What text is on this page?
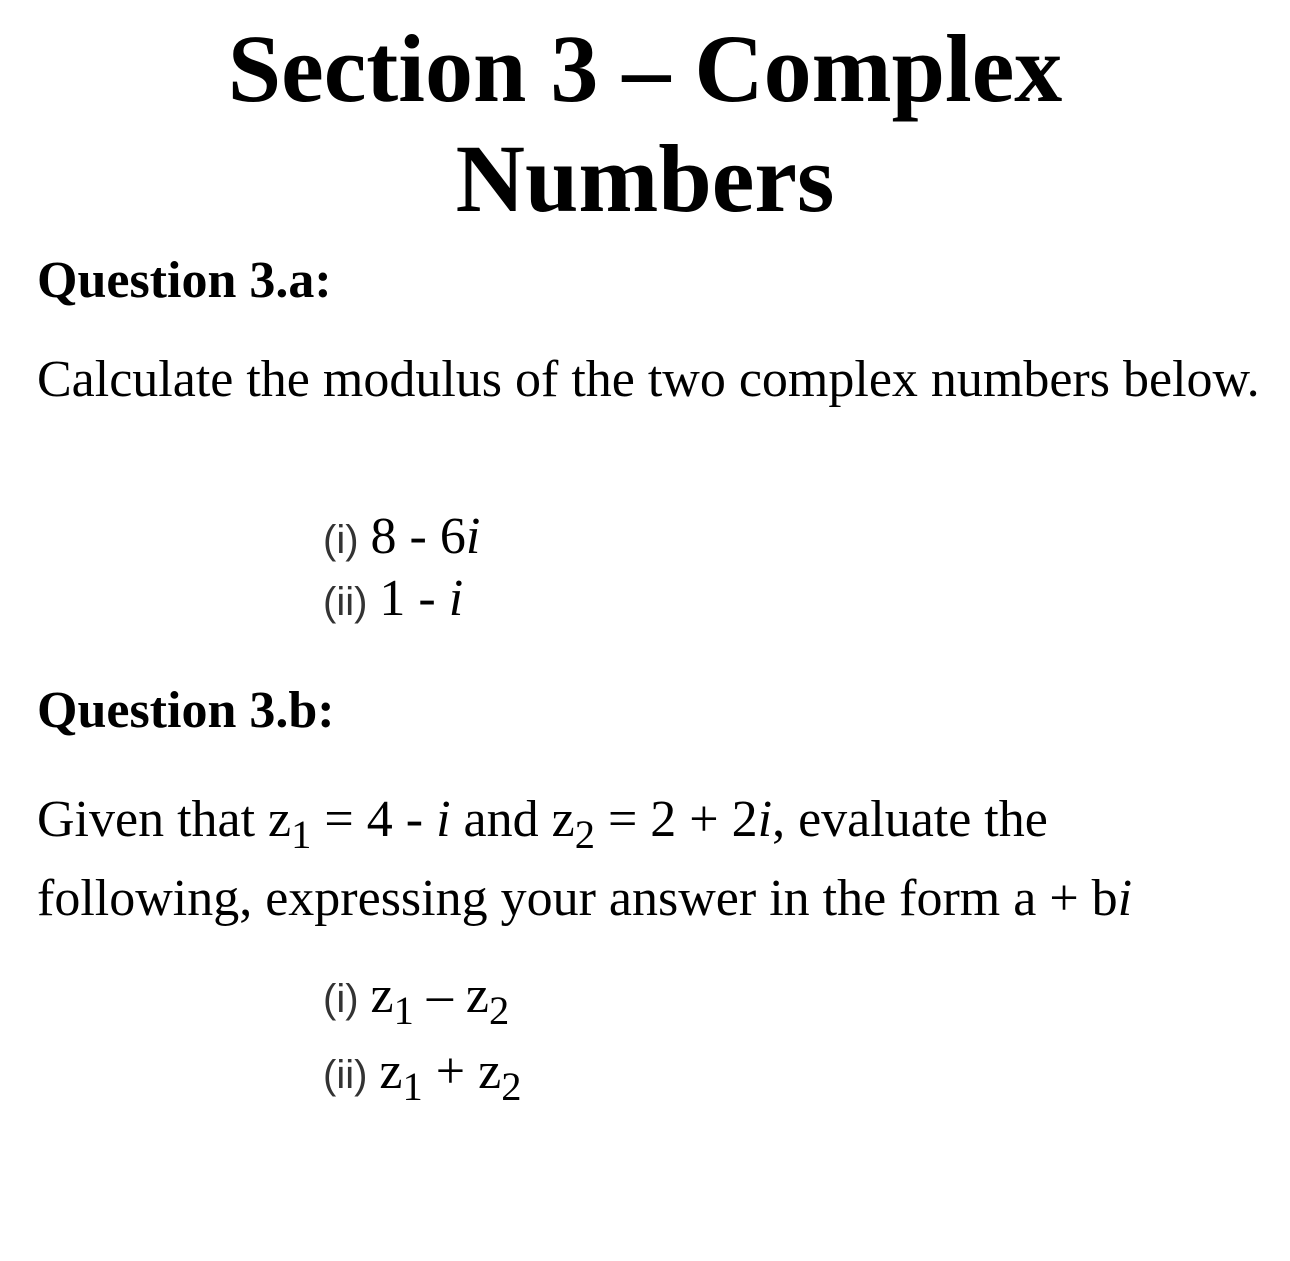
Section 3 – Complex
Numbers
Question 3.a:

Calculate the modulus of the two complex numbers below.

(i) 8 - 6i
(ii) 1 - i
Question 3.b:

Given that $z_1 = 4 - i$ and $z_2 = 2 + 2i$, evaluate the following, expressing your answer in the form a + bi

(i) $z_1 - z_2$
(ii) $z_1 + z_2$
